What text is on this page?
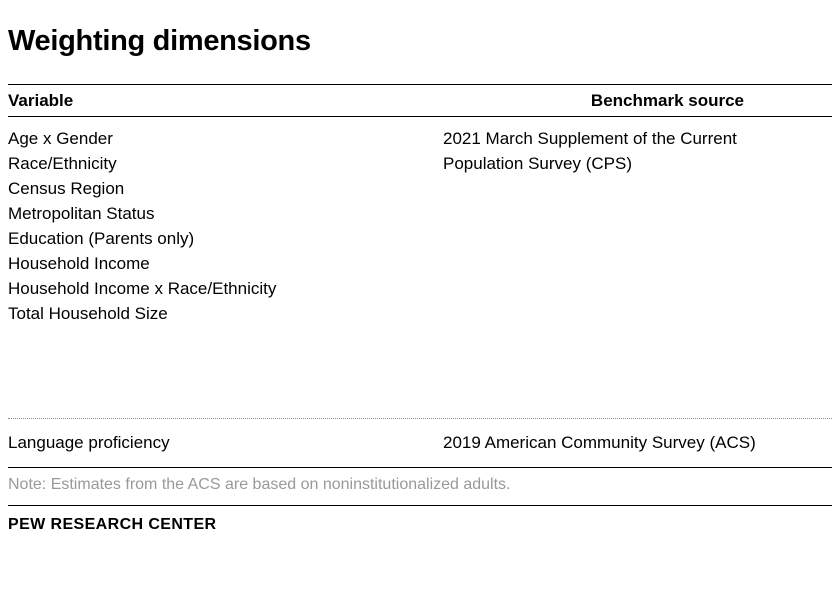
Weighting dimensions
Variable	Benchmark source
Age x Gender
Race/Ethnicity
Census Region
Metropolitan Status
Education (Parents only)
Household Income
Household Income x Race/Ethnicity
Total Household Size
2021 March Supplement of the Current Population Survey (CPS)
Language proficiency	2019 American Community Survey (ACS)
Note: Estimates from the ACS are based on noninstitutionalized adults.
PEW RESEARCH CENTER
